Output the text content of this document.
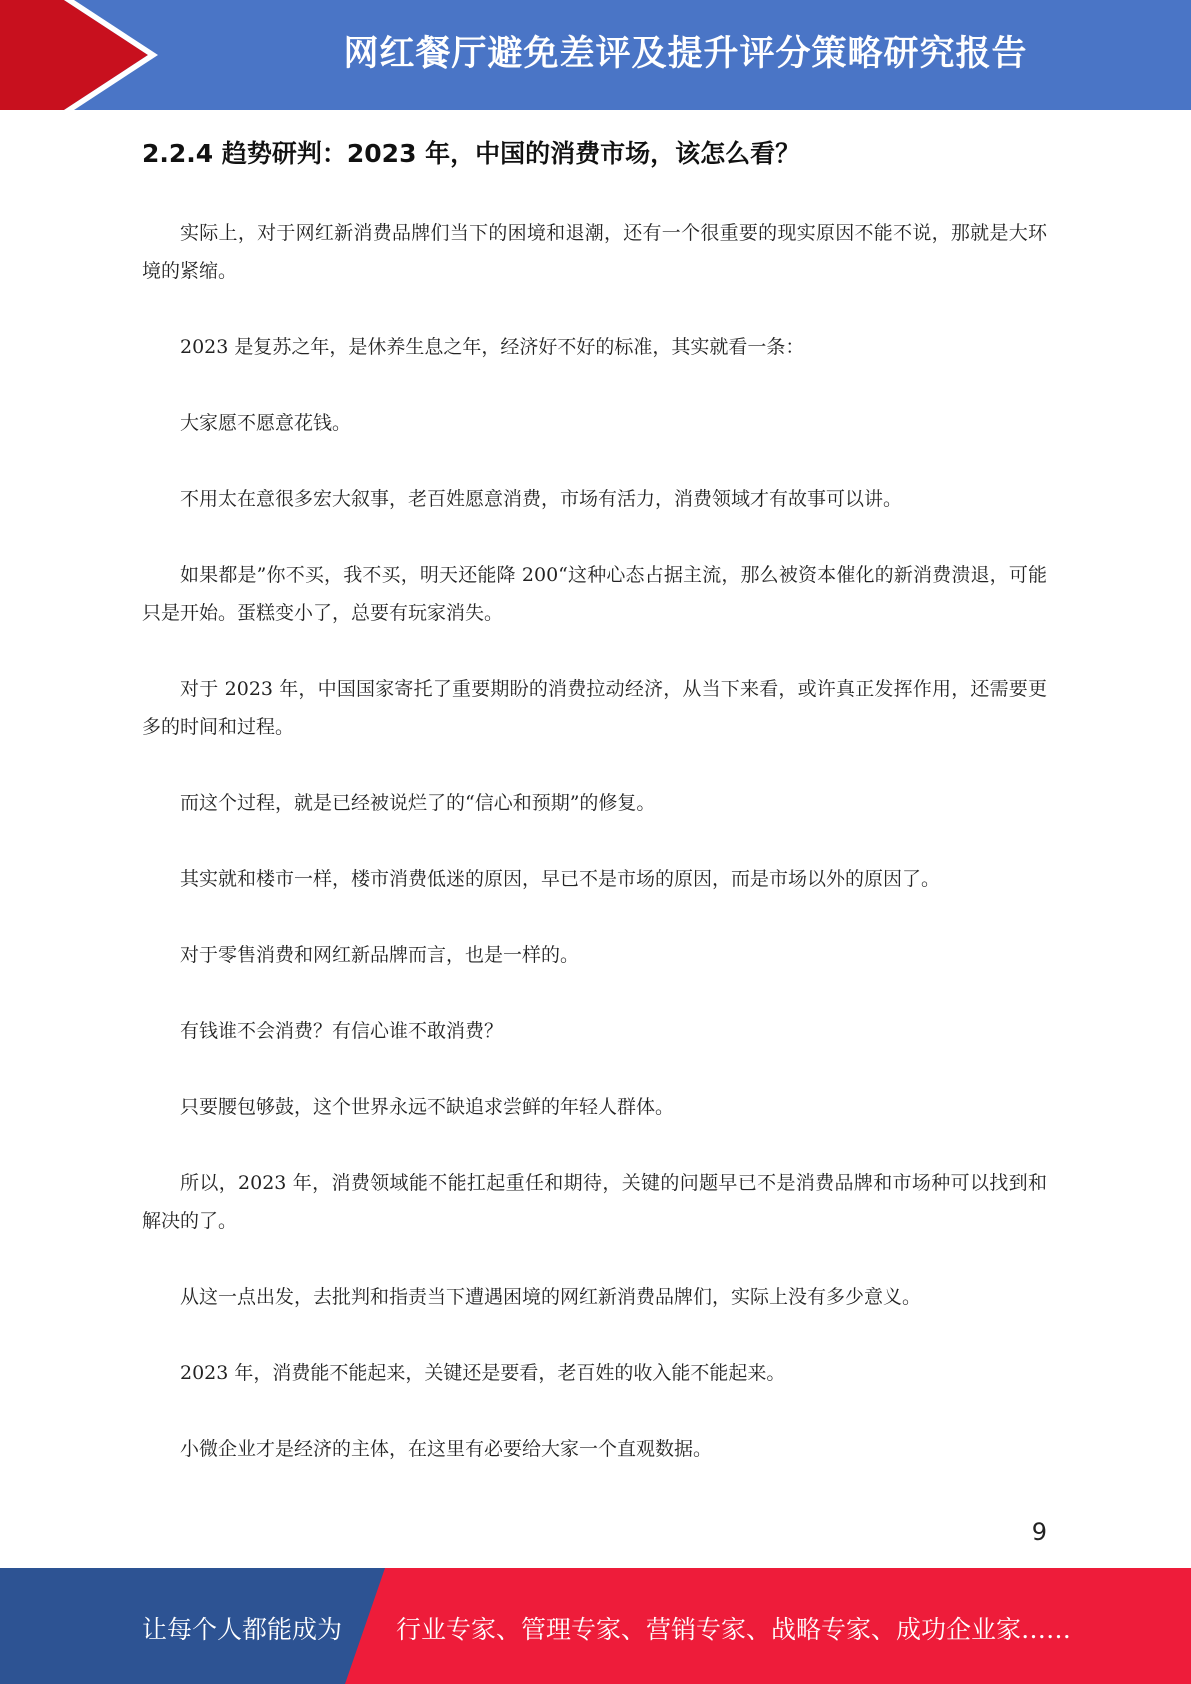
网红餐厅避免差评及提升评分策略研究报告
2.2.4 趋势研判：2023 年，中国的消费市场，该怎么看？

实际上，对于网红新消费品牌们当下的困境和退潮，还有一个很重要的现实原因不能不说，那就是大环境的紧缩。

2023 是复苏之年，是休养生息之年，经济好不好的标准，其实就看一条：

大家愿不愿意花钱。

不用太在意很多宏大叙事，老百姓愿意消费，市场有活力，消费领域才有故事可以讲。

如果都是”你不买，我不买，明天还能降 200“这种心态占据主流，那么被资本催化的新消费溃退，可能只是开始。蛋糕变小了，总要有玩家消失。

对于 2023 年，中国国家寄托了重要期盼的消费拉动经济，从当下来看，或许真正发挥作用，还需要更多的时间和过程。

而这个过程，就是已经被说烂了的“信心和预期”的修复。

其实就和楼市一样，楼市消费低迷的原因，早已不是市场的原因，而是市场以外的原因了。

对于零售消费和网红新品牌而言，也是一样的。

有钱谁不会消费？有信心谁不敢消费？

只要腰包够鼓，这个世界永远不缺追求尝鲜的年轻人群体。

所以，2023 年，消费领域能不能扛起重任和期待，关键的问题早已不是消费品牌和市场种可以找到和解决的了。

从这一点出发，去批判和指责当下遭遇困境的网红新消费品牌们，实际上没有多少意义。

2023 年，消费能不能起来，关键还是要看，老百姓的收入能不能起来。

小微企业才是经济的主体，在这里有必要给大家一个直观数据。

9
让每个人都能成为 行业专家、管理专家、营销专家、战略专家、成功企业家……
